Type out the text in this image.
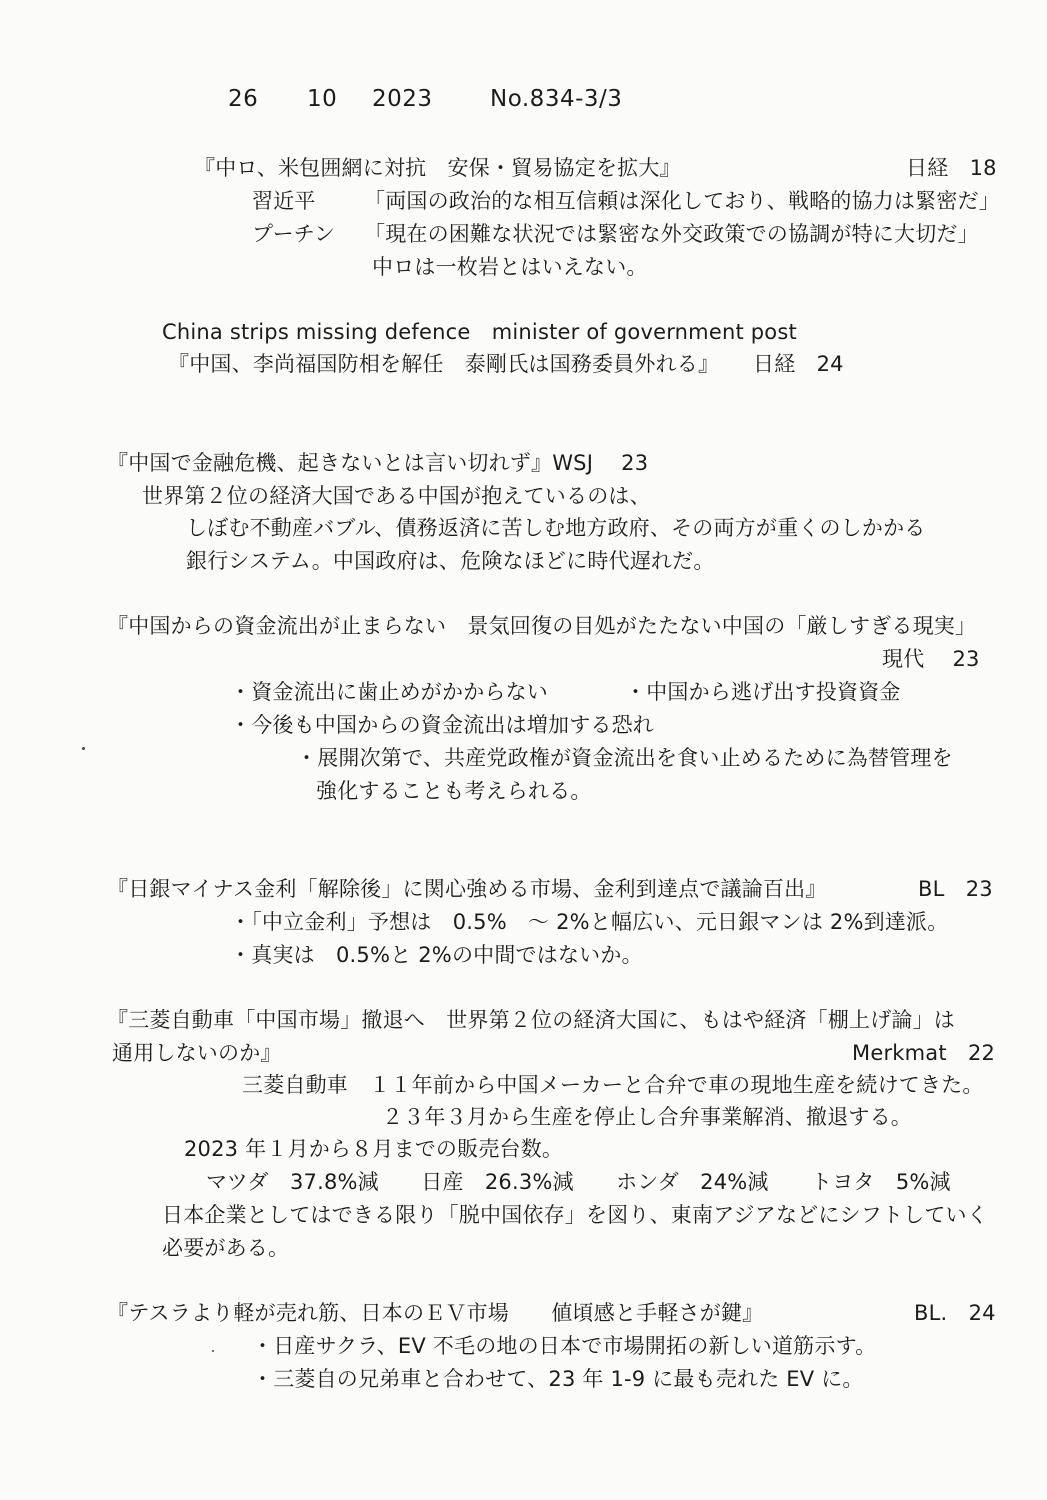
26 10 2023 No.834-3/3
『中ロ、米包囲網に対抗　安保・貿易協定を拡大』	日経　18
習近平 「両国の政治的な相互信頼は深化しており、戦略的協力は緊密だ」
プーチン 「現在の困難な状況では緊密な外交政策での協調が特に大切だ」
中ロは一枚岩とはいえない。
China strips missing defence　minister of government post
『中国、李尚福国防相を解任　泰剛氏は国務委員外れる』 日経　24
『中国で金融危機、起きないとは言い切れず』WSJ　 23
世界第２位の経済大国である中国が抱えているのは、
しぼむ不動産バブル、債務返済に苦しむ地方政府、その両方が重くのしかかる
銀行システム。中国政府は、危険なほどに時代遅れだ。
『中国からの資金流出が止まらない　景気回復の目処がたたない中国の「厳しすぎる現実」
現代　 23
・資金流出に歯止めがかからない	・中国から逃げ出す投資資金
・今後も中国からの資金流出は増加する恐れ
・展開次第で、共産党政権が資金流出を食い止めるために為替管理を
強化することも考えられる。
『日銀マイナス金利「解除後」に関心強める市場、金利到達点で議論百出』	BL　23
・「中立金利」予想は　0.5%　～ 2%と幅広い、元日銀マンは 2%到達派。
・真実は　0.5%と 2%の中間ではないか。
『三菱自動車「中国市場」撤退へ　世界第２位の経済大国に、もはや経済「棚上げ論」は
通用しないのか』	Merkmat　22
三菱自動車　１１年前から中国メーカーと合弁で車の現地生産を続けてきた。
２３年３月から生産を停止し合弁事業解消、撤退する。
2023 年１月から８月までの販売台数。
マツダ　37.8%減　　日産　26.3%減　　ホンダ　24%減　　トヨタ　5%減
日本企業としてはできる限り「脱中国依存」を図り、東南アジアなどにシフトしていく
必要がある。
『テスラより軽が売れ筋、日本のＥＶ市場　　値頃感と手軽さが鍵』	BL.　24
・日産サクラ、EV 不毛の地の日本で市場開拓の新しい道筋示す。
・三菱自の兄弟車と合わせて、23 年 1-9 に最も売れた EV に。
